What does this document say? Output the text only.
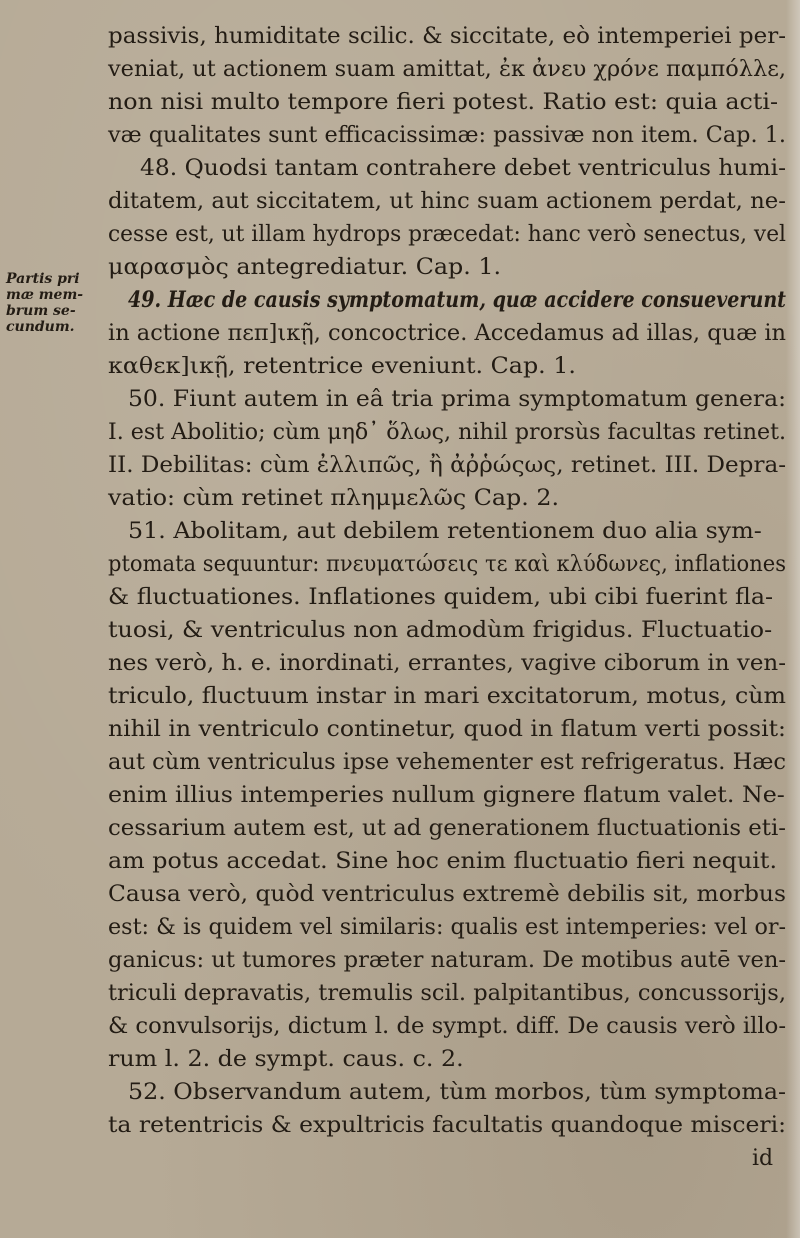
Partis pri
mæ mem-
brum se-
cundum.
passivis, humiditate scilic. & siccitate, eò intemperiei per-
veniat, ut actionem suam amittat, ἐκ ἀνευ χρόνε παμπόλλε,
non nisi multo tempore fieri potest. Ratio est: quia acti-
væ qualitates sunt efficacissimæ: passivæ non item. Cap. 1.
48. Quodsi tantam contrahere debet ventriculus humi-
ditatem, aut siccitatem, ut hinc suam actionem perdat, ne-
cesse est, ut illam hydrops præcedat: hanc verò senectus, vel
μαρασμὸς antegrediatur. Cap. 1.
49. Hæc de causis symptomatum, quæ accidere consueverunt
in actione πεπ]ικῇ, concoctrice. Accedamus ad illas, quæ in
καθεκ]ικῇ, retentrice eveniunt. Cap. 1.
50. Fiunt autem in eâ tria prima symptomatum genera:
I. est Abolitio; cùm μηδ᾽ ὅλως, nihil prorsùs facultas retinet.
II. Debilitas: cùm ἐλλιπῶς, ἢ ἀῤῥώςως, retinet. III. Depra-
vatio: cùm retinet πλημμελῶς Cap. 2.
51. Abolitam, aut debilem retentionem duo alia sym-
ptomata sequuntur: πνευματώσεις τε καὶ κλύδωνες, inflationes
& fluctuationes. Inflationes quidem, ubi cibi fuerint fla-
tuosi, & ventriculus non admodùm frigidus. Fluctuatio-
nes verò, h. e. inordinati, errantes, vagive ciborum in ven-
triculo, fluctuum instar in mari excitatorum, motus, cùm
nihil in ventriculo continetur, quod in flatum verti possit:
aut cùm ventriculus ipse vehementer est refrigeratus. Hæc
enim illius intemperies nullum gignere flatum valet. Ne-
cessarium autem est, ut ad generationem fluctuationis eti-
am potus accedat. Sine hoc enim fluctuatio fieri nequit.
Causa verò, quòd ventriculus extremè debilis sit, morbus
est: & is quidem vel similaris: qualis est intemperies: vel or-
ganicus: ut tumores præter naturam. De motibus autē ven-
triculi depravatis, tremulis scil. palpitantibus, concussorijs,
& convulsorijs, dictum l. de sympt. diff. De causis verò illo-
rum l. 2. de sympt. caus. c. 2.
52. Observandum autem, tùm morbos, tùm symptoma-
ta retentricis & expultricis facultatis quandoque misceri:
id
